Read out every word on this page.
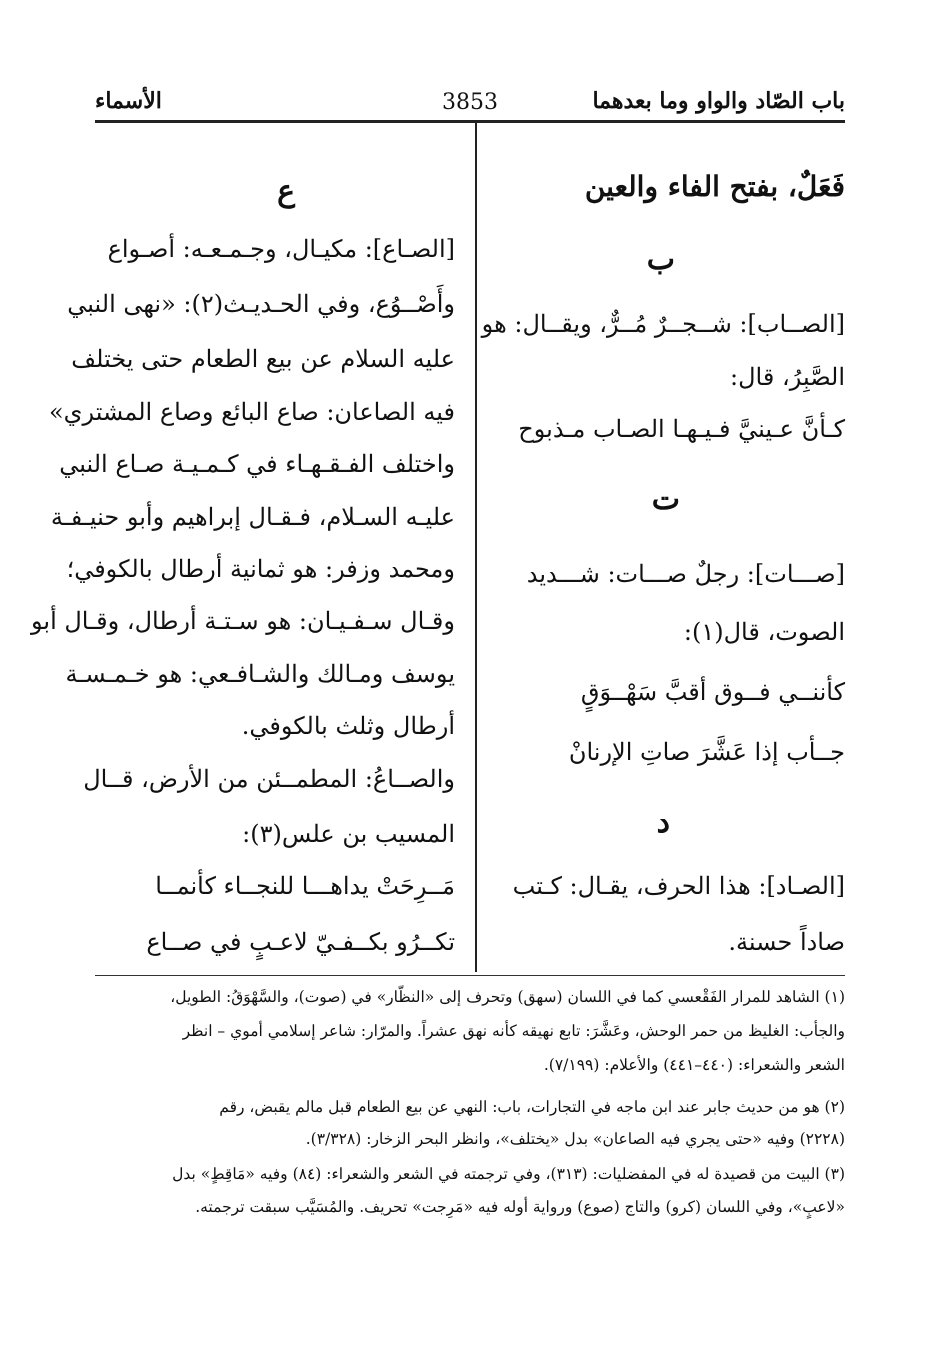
باب الصّاد والواو وما بعدهما
3853
الأسماء
فَعَلٌ، بفتح الفاء والعين
ب
[الصــاب]: شــجــرٌ مُــرٌّ، ويقــال: هو
الصَّبِرُ، قال:
كـأنَّ عـينيَّ فـيـهـا الصـاب مـذبوح
ت
[صـــات]: رجلٌ صـــات: شـــديد
الصوت، قال(١):
كأننــي فــوق أقبَّ سَهْــوَقٍ
جــأب إذا عَشَّرَ صاتِ الإرنانْ
د
[الصـاد]: هذا الحرف، يقـال: كـتب
صاداً حسنة.
ع
[الصـاع]: مكيـال، وجـمـعـه: أصـواع
وأَصْــوُع، وفي الحـديـث(٢): «نهى النبي
عليه السلام عن بيع الطعام حتى يختلف
فيه الصاعان: صاع البائع وصاع المشتري»
واختلف الفـقـهـاء في كـمـيـة صـاع النبي
عليـه السـلام، فـقـال إبراهيم وأبو حنيـفـة
ومحمد وزفر: هو ثمانية أرطال بالكوفي؛
وقـال سـفـيـان: هو سـتـة أرطال، وقـال أبو
يوسف ومـالك والشـافـعي: هو خـمـسـة
أرطال وثلث بالكوفي.
والصــاعُ: المطمــئن من الأرض، قــال
المسيب بن علس(٣):
مَــرِحَتْ يداهـــا للنجــاء كأنمــا
تكــرُو بكــفـيّ لاعـبٍ في صــاع
(١) الشاهد للمرار الفَقْعسي كما في اللسان (سهق) وتحرف إلى «النظّار» في (صوت)، والسَّهْوَقُ: الطويل،
والجأب: الغليظ من حمر الوحش، وعَشَّرَ: تابع نهيقه كأنه نهق عشراً. والمرّار: شاعر إسلامي أموي – انظر
الشعر والشعراء: (٤٤٠–٤٤١) والأعلام: (٧/١٩٩).
(٢) هو من حديث جابر عند ابن ماجه في التجارات، باب: النهي عن بيع الطعام قبل مالم يقبض، رقم
(٢٢٢٨) وفيه «حتى يجري فيه الصاعان» بدل «يختلف»، وانظر البحر الزخار: (٣/٣٢٨).
(٣) البيت من قصيدة له في المفضليات: (٣١٣)، وفي ترجمته في الشعر والشعراء: (٨٤) وفيه «مَاقِطٍ» بدل
«لاعبٍ»، وفي اللسان (كرو) والتاج (صوع) ورواية أوله فيه «مَرِجت» تحريف. والمُسَيَّب سبقت ترجمته.
